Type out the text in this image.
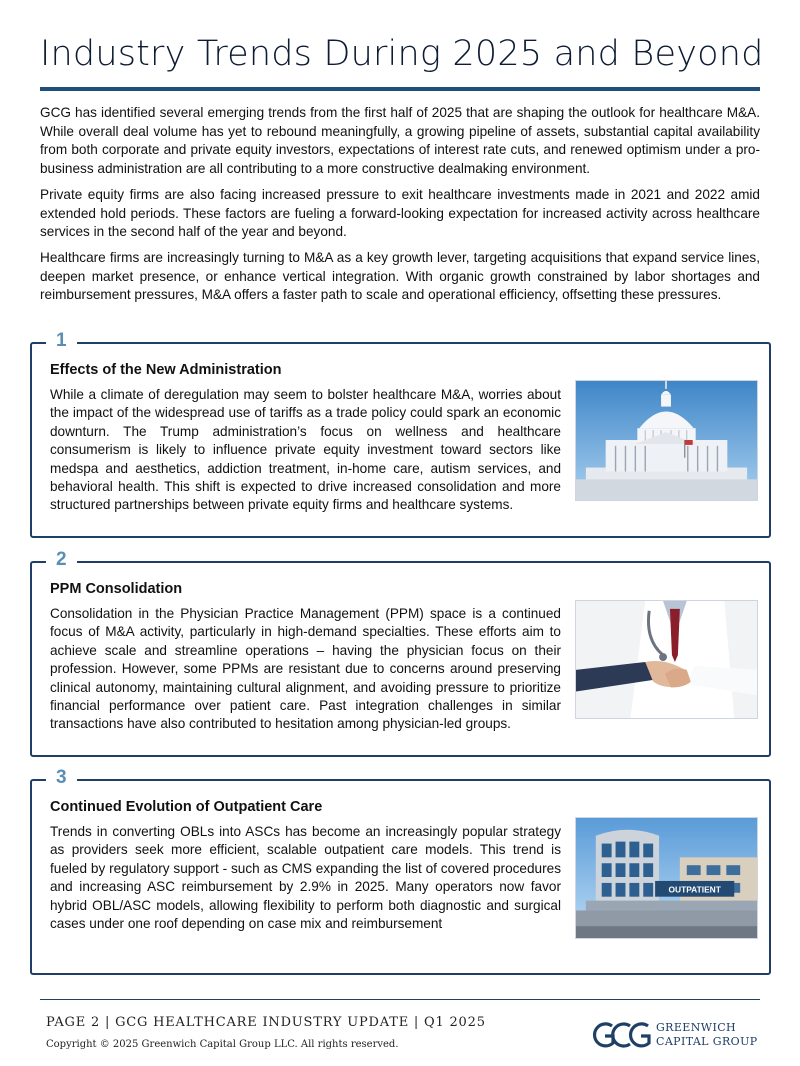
Industry Trends During 2025 and Beyond

GCG has identified several emerging trends from the first half of 2025 that are shaping the outlook for healthcare M&A. While overall deal volume has yet to rebound meaningfully, a growing pipeline of assets, substantial capital availability from both corporate and private equity investors, expectations of interest rate cuts, and renewed optimism under a pro-business administration are all contributing to a more constructive dealmaking environment.

Private equity firms are also facing increased pressure to exit healthcare investments made in 2021 and 2022 amid extended hold periods. These factors are fueling a forward-looking expectation for increased activity across healthcare services in the second half of the year and beyond.

Healthcare firms are increasingly turning to M&A as a key growth lever, targeting acquisitions that expand service lines, deepen market presence, or enhance vertical integration. With organic growth constrained by labor shortages and reimbursement pressures, M&A offers a faster path to scale and operational efficiency, offsetting these pressures.

1
Effects of the New Administration
While a climate of deregulation may seem to bolster healthcare M&A, worries about the impact of the widespread use of tariffs as a trade policy could spark an economic downturn. The Trump administration’s focus on wellness and healthcare consumerism is likely to influence private equity investment toward sectors like medspa and aesthetics, addiction treatment, in-home care, autism services, and behavioral health. This shift is expected to drive increased consolidation and more structured partnerships between private equity firms and healthcare systems.
2
PPM Consolidation
Consolidation in the Physician Practice Management (PPM) space is a continued focus of M&A activity, particularly in high-demand specialties. These efforts aim to achieve scale and streamline operations – having the physician focus on their profession. However, some PPMs are resistant due to concerns around preserving clinical autonomy, maintaining cultural alignment, and avoiding pressure to prioritize financial performance over patient care. Past integration challenges in similar transactions have also contributed to hesitation among physician-led groups.
3
Continued Evolution of Outpatient Care
Trends in converting OBLs into ASCs has become an increasingly popular strategy as providers seek more efficient, scalable outpatient care models. This trend is fueled by regulatory support - such as CMS expanding the list of covered procedures and increasing ASC reimbursement by 2.9% in 2025. Many operators now favor hybrid OBL/ASC models, allowing flexibility to perform both diagnostic and surgical cases under one roof depending on case mix and reimbursement
OUTPATIENT
PAGE 2 | GCG HEALTHCARE INDUSTRY UPDATE | Q1 2025
Copyright © 2025 Greenwich Capital Group LLC. All rights reserved.
GREENWICH
CAPITAL GROUP
